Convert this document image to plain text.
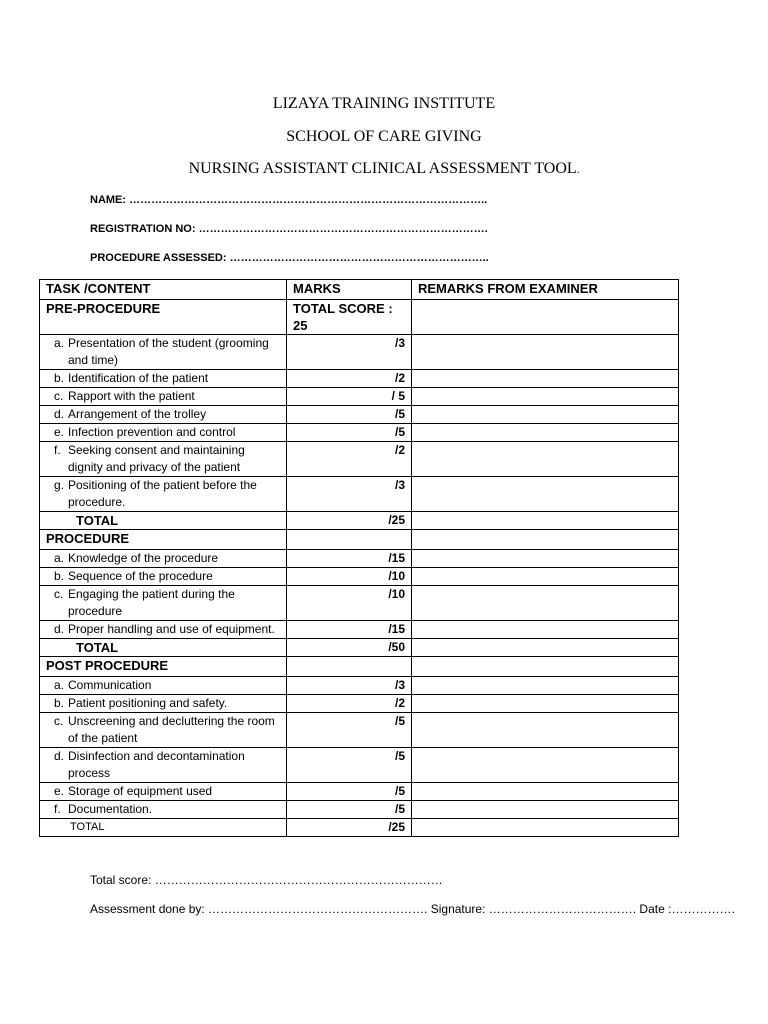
LIZAYA TRAINING INSTITUTE
SCHOOL OF CARE GIVING
NURSING ASSISTANT CLINICAL ASSESSMENT TOOL.
NAME: ……………………………………………………………………………………..
REGISTRATION NO: …………………………………………………………………….
PROCEDURE ASSESSED: ……………………………………………………………..
TASK /CONTENT	MARKS	REMARKS FROM EXAMINER
PRE-PROCEDURE	TOTAL SCORE : 25	

a. Presentation of the student (grooming and time)	/3	

b. Identification of the patient	/2	

c. Rapport with the patient	/ 5	

d. Arrangement of the trolley	/5	

e. Infection prevention and control	/5	

f. Seeking consent and maintaining dignity and privacy of the patient	/2	

g. Positioning of the patient before the procedure.	/3	
TOTAL	/25	
PROCEDURE		

a. Knowledge of the procedure	/15	

b. Sequence of the procedure	/10	

c. Engaging the patient during the procedure	/10	

d. Proper handling and use of equipment.	/15	
TOTAL	/50	
POST PROCEDURE		

a. Communication	/3	

b. Patient positioning and safety.	/2	

c. Unscreening and decluttering the room of the patient	/5	

d. Disinfection and decontamination process	/5	

e. Storage of equipment used	/5	

f. Documentation.	/5	
TOTAL	/25	
Total score: ………………………………………………………………
Assessment done by: ………………………………………………. Signature: ………………………………. Date :…………….
